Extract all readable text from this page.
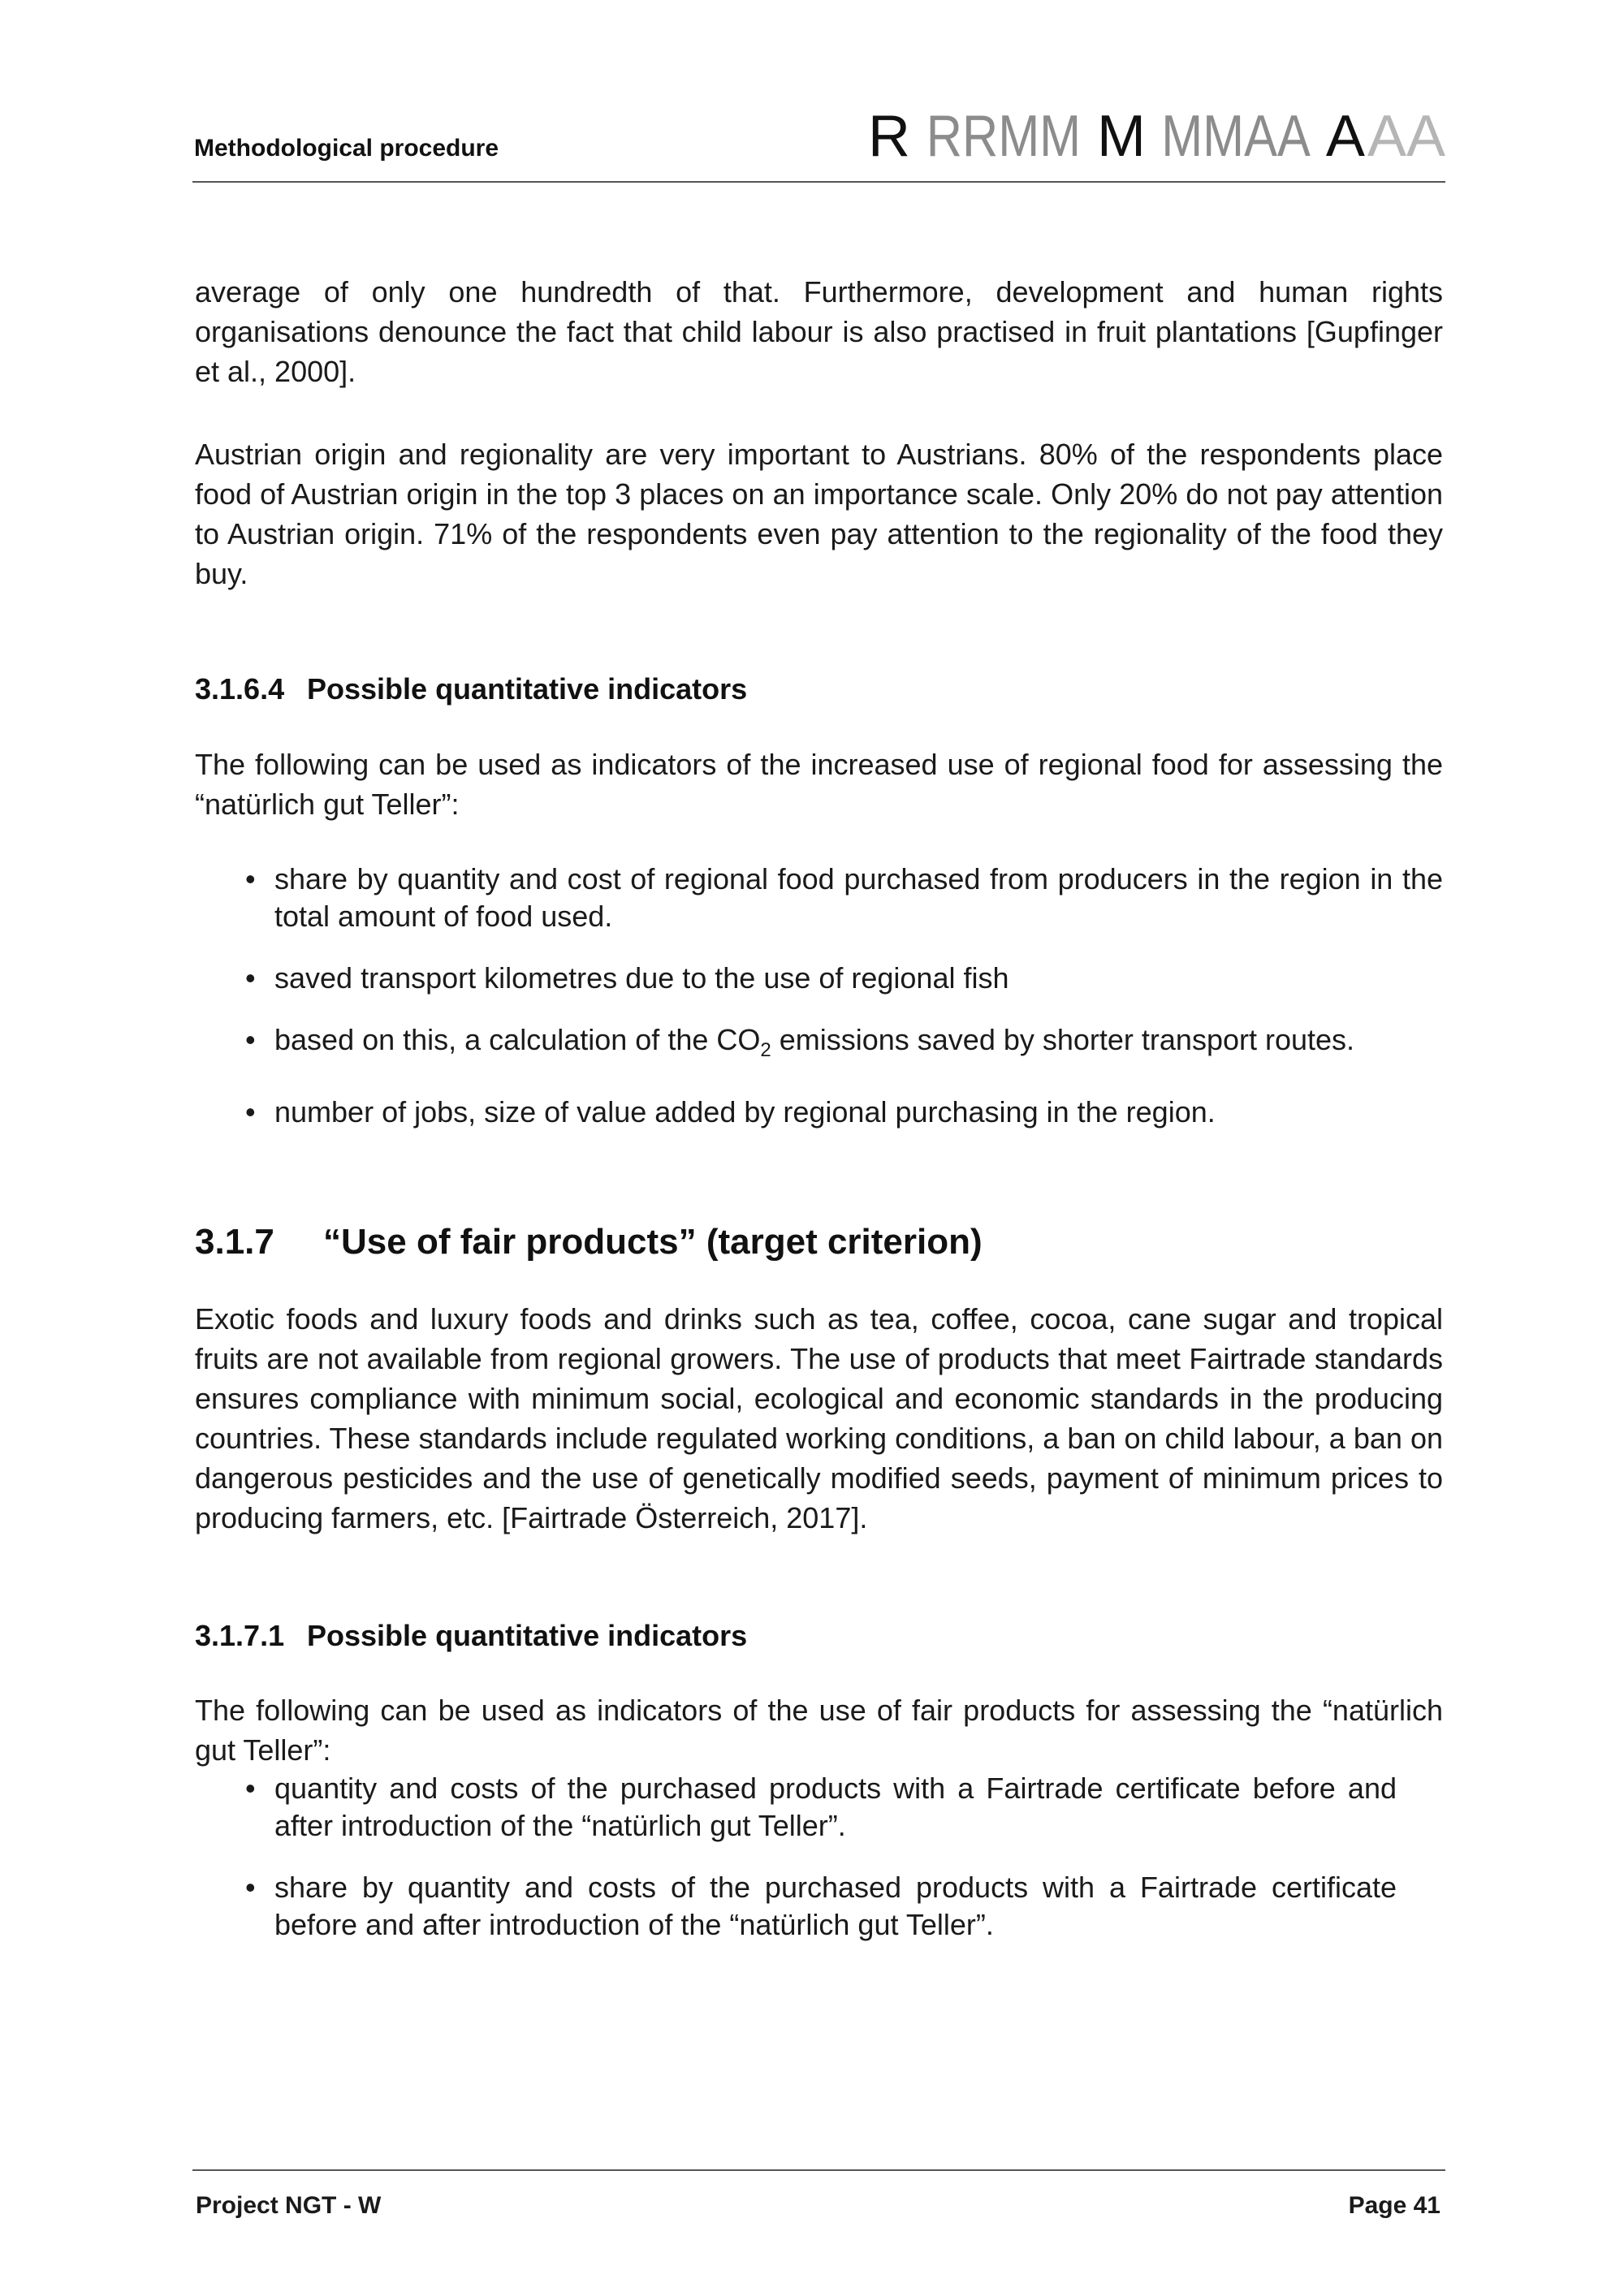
Methodological procedure	R RRMM M MMAA A AA

average of only one hundredth of that. Furthermore, development and human rights organisations denounce the fact that child labour is also practised in fruit plantations [Gupfinger et al., 2000].

Austrian origin and regionality are very important to Austrians. 80% of the respondents place food of Austrian origin in the top 3 places on an importance scale. Only 20% do not pay attention to Austrian origin. 71% of the respondents even pay attention to the regionality of the food they buy.

3.1.6.4 Possible quantitative indicators

The following can be used as indicators of the increased use of regional food for assessing the “natürlich gut Teller”:

• share by quantity and cost of regional food purchased from producers in the region in the total amount of food used.
• saved transport kilometres due to the use of regional fish
• based on this, a calculation of the $CO_2$ emissions saved by shorter transport routes.
• number of jobs, size of value added by regional purchasing in the region.
3.1.7 “Use of fair products” (target criterion)

Exotic foods and luxury foods and drinks such as tea, coffee, cocoa, cane sugar and tropical fruits are not available from regional growers. The use of products that meet Fairtrade standards ensures compliance with minimum social, ecological and economic standards in the producing countries. These standards include regulated working conditions, a ban on child labour, a ban on dangerous pesticides and the use of genetically modified seeds, payment of minimum prices to producing farmers, etc. [Fairtrade Österreich, 2017].

3.1.7.1 Possible quantitative indicators

The following can be used as indicators of the use of fair products for assessing the “natürlich gut Teller”:

• quantity and costs of the purchased products with a Fairtrade certificate before and after introduction of the “natürlich gut Teller”.
• share by quantity and costs of the purchased products with a Fairtrade certificate before and after introduction of the “natürlich gut Teller”.
Project NGT - W	Page 41
